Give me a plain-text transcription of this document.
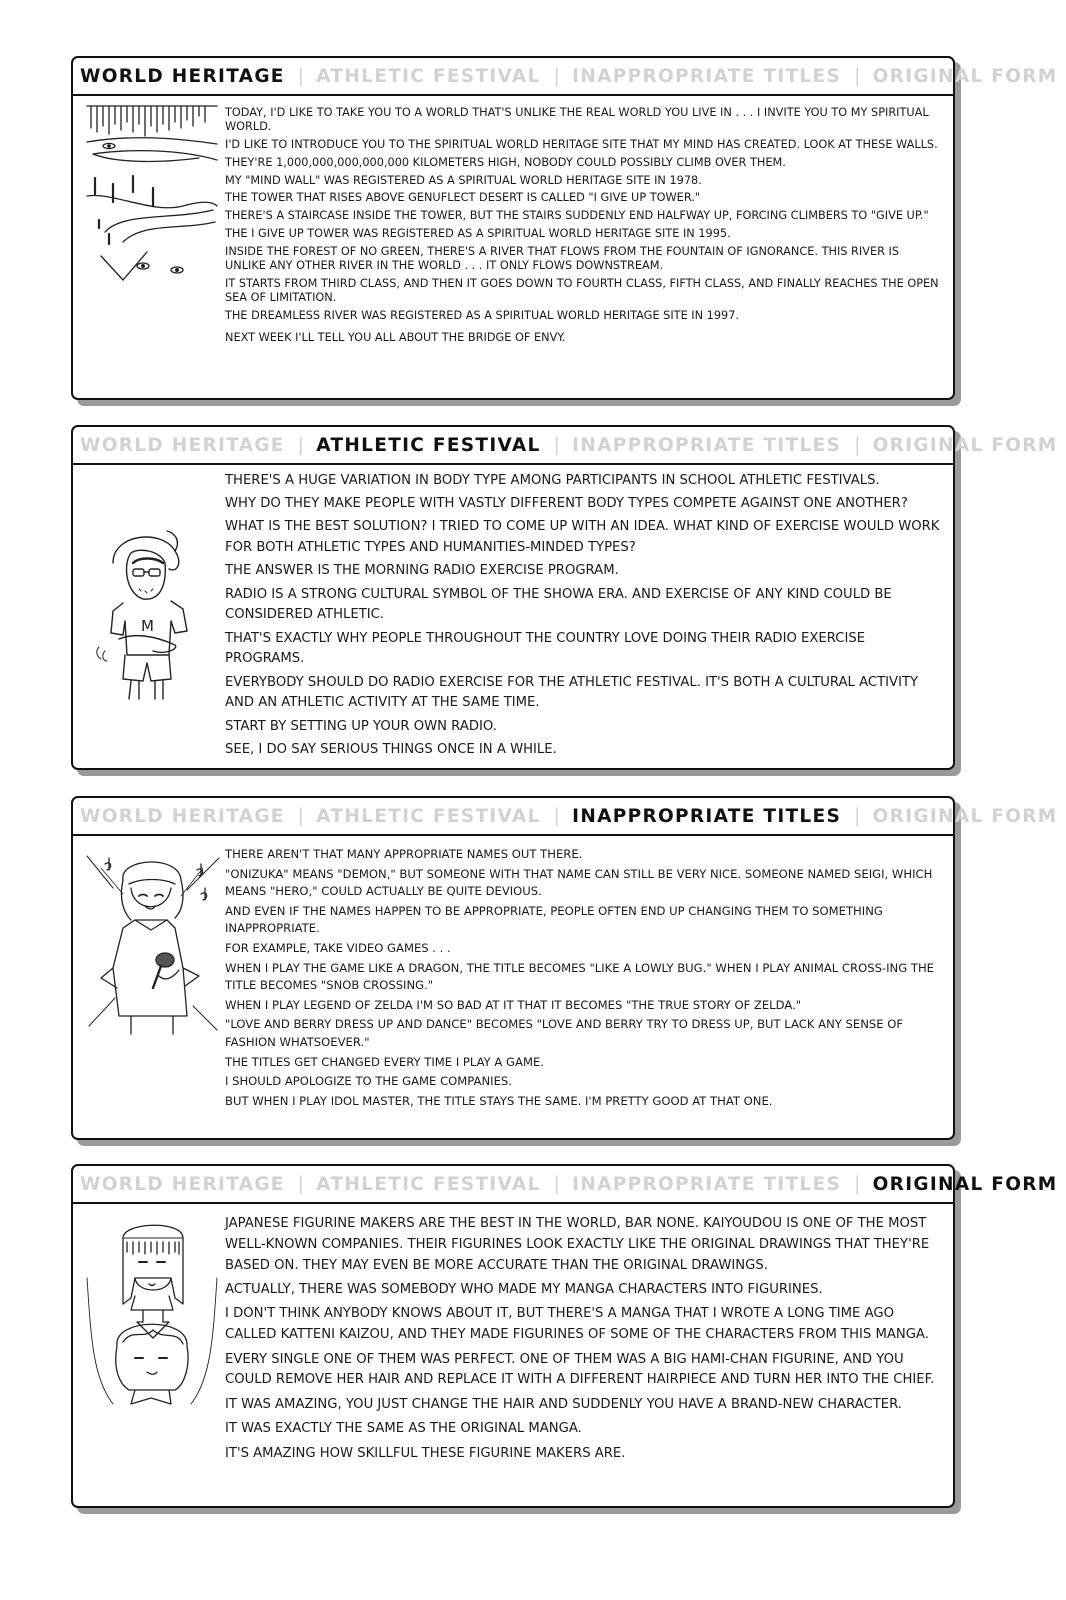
WORLD HERITAGE | ATHLETIC FESTIVAL | INAPPROPRIATE TITLES | ORIGINAL FORM

TODAY, I'D LIKE TO TAKE YOU TO A WORLD THAT'S UNLIKE THE REAL WORLD YOU LIVE IN . . . I INVITE YOU TO MY SPIRITUAL WORLD.

I'D LIKE TO INTRODUCE YOU TO THE SPIRITUAL WORLD HERITAGE SITE THAT MY MIND HAS CREATED. LOOK AT THESE WALLS.

THEY'RE 1,000,000,000,000,000 KILOMETERS HIGH, NOBODY COULD POSSIBLY CLIMB OVER THEM.

MY "MIND WALL" WAS REGISTERED AS A SPIRITUAL WORLD HERITAGE SITE IN 1978.

THE TOWER THAT RISES ABOVE GENUFLECT DESERT IS CALLED "I GIVE UP TOWER."

THERE'S A STAIRCASE INSIDE THE TOWER, BUT THE STAIRS SUDDENLY END HALFWAY UP, FORCING CLIMBERS TO "GIVE UP."

THE I GIVE UP TOWER WAS REGISTERED AS A SPIRITUAL WORLD HERITAGE SITE IN 1995.

INSIDE THE FOREST OF NO GREEN, THERE'S A RIVER THAT FLOWS FROM THE FOUNTAIN OF IGNORANCE. THIS RIVER IS UNLIKE ANY OTHER RIVER IN THE WORLD . . . IT ONLY FLOWS DOWNSTREAM.

IT STARTS FROM THIRD CLASS, AND THEN IT GOES DOWN TO FOURTH CLASS, FIFTH CLASS, AND FINALLY REACHES THE OPEN SEA OF LIMITATION.

THE DREAMLESS RIVER WAS REGISTERED AS A SPIRITUAL WORLD HERITAGE SITE IN 1997.

NEXT WEEK I'LL TELL YOU ALL ABOUT THE BRIDGE OF ENVY.

WORLD HERITAGE | ATHLETIC FESTIVAL | INAPPROPRIATE TITLES | ORIGINAL FORM
M

THERE'S A HUGE VARIATION IN BODY TYPE AMONG PARTICIPANTS IN SCHOOL ATHLETIC FESTIVALS.

WHY DO THEY MAKE PEOPLE WITH VASTLY DIFFERENT BODY TYPES COMPETE AGAINST ONE ANOTHER?

WHAT IS THE BEST SOLUTION? I TRIED TO COME UP WITH AN IDEA. WHAT KIND OF EXERCISE WOULD WORK FOR BOTH ATHLETIC TYPES AND HUMANITIES-MINDED TYPES?

THE ANSWER IS THE MORNING RADIO EXERCISE PROGRAM.

RADIO IS A STRONG CULTURAL SYMBOL OF THE SHOWA ERA. AND EXERCISE OF ANY KIND COULD BE CONSIDERED ATHLETIC.

THAT'S EXACTLY WHY PEOPLE THROUGHOUT THE COUNTRY LOVE DOING THEIR RADIO EXERCISE PROGRAMS.

EVERYBODY SHOULD DO RADIO EXERCISE FOR THE ATHLETIC FESTIVAL. IT'S BOTH A CULTURAL ACTIVITY AND AN ATHLETIC ACTIVITY AT THE SAME TIME.

START BY SETTING UP YOUR OWN RADIO.

SEE, I DO SAY SERIOUS THINGS ONCE IN A WHILE.

WORLD HERITAGE | ATHLETIC FESTIVAL | INAPPROPRIATE TITLES | ORIGINAL FORM

THERE AREN'T THAT MANY APPROPRIATE NAMES OUT THERE.

"ONIZUKA" MEANS "DEMON," BUT SOMEONE WITH THAT NAME CAN STILL BE VERY NICE. SOMEONE NAMED SEIGI, WHICH MEANS "HERO," COULD ACTUALLY BE QUITE DEVIOUS.

AND EVEN IF THE NAMES HAPPEN TO BE APPROPRIATE, PEOPLE OFTEN END UP CHANGING THEM TO SOMETHING INAPPROPRIATE.

FOR EXAMPLE, TAKE VIDEO GAMES . . .

WHEN I PLAY THE GAME LIKE A DRAGON, THE TITLE BECOMES "LIKE A LOWLY BUG." WHEN I PLAY ANIMAL CROSS-ING THE TITLE BECOMES "SNOB CROSSING."

WHEN I PLAY LEGEND OF ZELDA I'M SO BAD AT IT THAT IT BECOMES "THE TRUE STORY OF ZELDA."

"LOVE AND BERRY DRESS UP AND DANCE" BECOMES "LOVE AND BERRY TRY TO DRESS UP, BUT LACK ANY SENSE OF FASHION WHATSOEVER."

THE TITLES GET CHANGED EVERY TIME I PLAY A GAME.

I SHOULD APOLOGIZE TO THE GAME COMPANIES.

BUT WHEN I PLAY IDOL MASTER, THE TITLE STAYS THE SAME. I'M PRETTY GOOD AT THAT ONE.

WORLD HERITAGE | ATHLETIC FESTIVAL | INAPPROPRIATE TITLES | ORIGINAL FORM

JAPANESE FIGURINE MAKERS ARE THE BEST IN THE WORLD, BAR NONE. KAIYOUDOU IS ONE OF THE MOST WELL-KNOWN COMPANIES. THEIR FIGURINES LOOK EXACTLY LIKE THE ORIGINAL DRAWINGS THAT THEY'RE BASED ON. THEY MAY EVEN BE MORE ACCURATE THAN THE ORIGINAL DRAWINGS.

ACTUALLY, THERE WAS SOMEBODY WHO MADE MY MANGA CHARACTERS INTO FIGURINES.

I DON'T THINK ANYBODY KNOWS ABOUT IT, BUT THERE'S A MANGA THAT I WROTE A LONG TIME AGO CALLED KATTENI KAIZOU, AND THEY MADE FIGURINES OF SOME OF THE CHARACTERS FROM THIS MANGA.

EVERY SINGLE ONE OF THEM WAS PERFECT. ONE OF THEM WAS A BIG HAMI-CHAN FIGURINE, AND YOU COULD REMOVE HER HAIR AND REPLACE IT WITH A DIFFERENT HAIRPIECE AND TURN HER INTO THE CHIEF.

IT WAS AMAZING, YOU JUST CHANGE THE HAIR AND SUDDENLY YOU HAVE A BRAND-NEW CHARACTER.

IT WAS EXACTLY THE SAME AS THE ORIGINAL MANGA.

IT'S AMAZING HOW SKILLFUL THESE FIGURINE MAKERS ARE.
